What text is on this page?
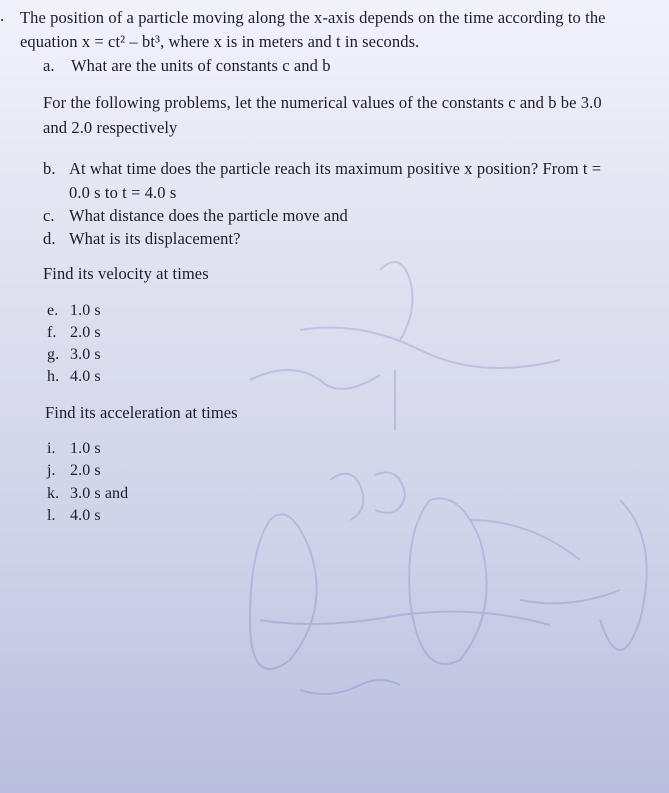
. The position of a particle moving along the x-axis depends on the time according to the
equation x = ct² – bt³, where x is in meters and t in seconds.
a. What are the units of constants c and b
For the following problems, let the numerical values of the constants c and b be 3.0
and 2.0 respectively
b. At what time does the particle reach its maximum positive x position? From t =
0.0 s to t = 4.0 s
c. What distance does the particle move and
d. What is its displacement?
Find its velocity at times
e. 1.0 s
f. 2.0 s
g. 3.0 s
h. 4.0 s
Find its acceleration at times
i. 1.0 s
j. 2.0 s
k. 3.0 s and
l. 4.0 s
